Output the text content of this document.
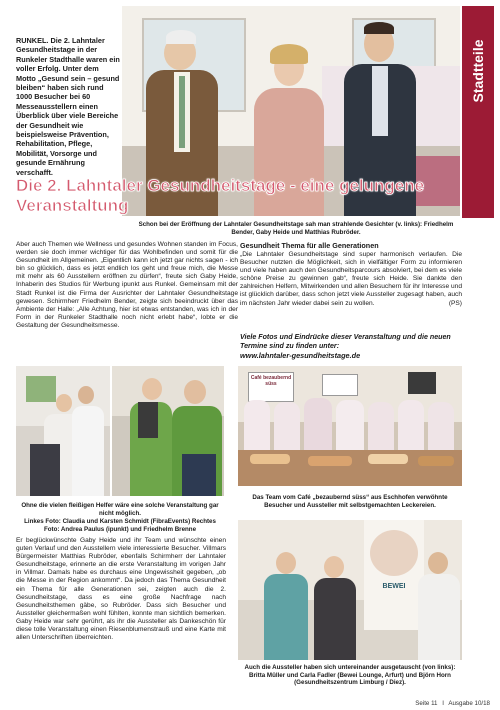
Stadtteile

RUNKEL. Die 2. Lahntaler Gesundheitstage in der Runkeler Stadthalle waren ein voller Erfolg. Unter dem Motto „Gesund sein – gesund bleiben“ haben sich rund 1000 Besucher bei 60 Messeausstellern einen Überblick über viele Bereiche der Gesundheit wie beispielsweise Prävention, Rehabilitation, Pflege, Mobilität, Vorsorge und gesunde Ernährung verschafft.

Die 2. Lahntaler Gesundheitstage - eine gelungene Veranstaltung

Schon bei der Eröffnung der Lahntaler Gesundheitstage sah man strahlende Gesichter (v. links): Friedhelm Bender, Gaby Heide und Matthias Rubröder.

Aber auch Themen wie Wellness und gesundes Wohnen standen im Focus, werden sie doch immer wichtiger für das Wohlbefinden und somit für die Gesundheit im Allgemeinen. „Eigentlich kann ich jetzt gar nichts sagen - ich bin so glücklich, dass es jetzt endlich los geht und freue mich, die Messe mit mehr als 60 Ausstellern eröffnen zu dürfen“, freute sich Gaby Heide, Inhaberin des Studios für Werbung ipunkt aus Runkel. Gemeinsam mit der Stadt Runkel ist die Firma der Ausrichter der Lahntaler Gesundheitstage gewesen. Schirmherr Friedhelm Bender, zeigte sich beeindruckt über das Ambiente der Halle: „Alle Achtung, hier ist etwas entstanden, was ich in der Form in der Runkeler Stadthalle noch nicht erlebt habe“, lobte er die Gestaltung der Gesundheitsmesse.

Gesundheit Thema für alle Generationen

„Die Lahntaler Gesundheitstage sind super harmonisch verlaufen. Die Besucher nutzten die Möglichkeit, sich in vielfältiger Form zu informieren und viele haben auch den Gesundheitsparcours absolviert, bei dem es viele schöne Preise zu gewinnen gab“, freute sich Heide. Sie dankte den zahlreichen Helfern, Mitwirkenden und allen Besuchern für ihr Interesse und ist glücklich darüber, dass schon jetzt viele Aussteller zugesagt haben, auch im nächsten Jahr wieder dabei sein zu wollen.	(PS)

Viele Fotos und Eindrücke dieser Veranstaltung und die neuen Termine sind zu finden unter:
www.lahntaler-gesundheitstage.de

Ohne die vielen fleißigen Helfer wäre eine solche Veranstaltung gar nicht möglich.

Linkes Foto: Claudia und Karsten Schmidt (FibraEvents) Rechtes Foto: Andrea Paulus (ipunkt) und Friedhelm Brenne

Café bezaubernd süss

Das Team vom Café „bezaubernd süss“ aus Eschhofen verwöhnte Besucher und Aussteller mit selbstgemachten Leckereien.

Er beglückwünschte Gaby Heide und ihr Team und wünschte einen guten Verlauf und den Ausstellern viele interessierte Besucher. Villmars Bürgermeister Matthias Rubröder, ebenfalls Schirmherr der Lahntaler Gesundheitstage, erinnerte an die erste Veranstaltung im vorigen Jahr in Villmar. Damals habe es durchaus eine Ungewissheit gegeben, „ob die Messe in der Region ankommt“. Da jedoch das Thema Gesundheit ein Thema für alle Generationen sei, zeigten auch die 2. Gesundheitstage, dass es eine große Nachfrage nach Gesundheitsthemen gäbe, so Rubröder. Dass sich Besucher und Aussteller gleichermaßen wohl fühlten, konnte man sichtlich bemerken. Gaby Heide war sehr gerührt, als ihr die Aussteller als Dankeschön für diese tolle Veranstaltung einen Riesenblumenstrauß und eine Karte mit allen Unterschriften überreichten.

BEWEI

Auch die Aussteller haben sich untereinander ausgetauscht (von links): Britta Müller und Carla Fadler (Bewei Lounge, Arfurt) und Björn Horn (Gesundheitszentrum Limburg / Diez).

Seite 11 I Ausgabe 10/18
